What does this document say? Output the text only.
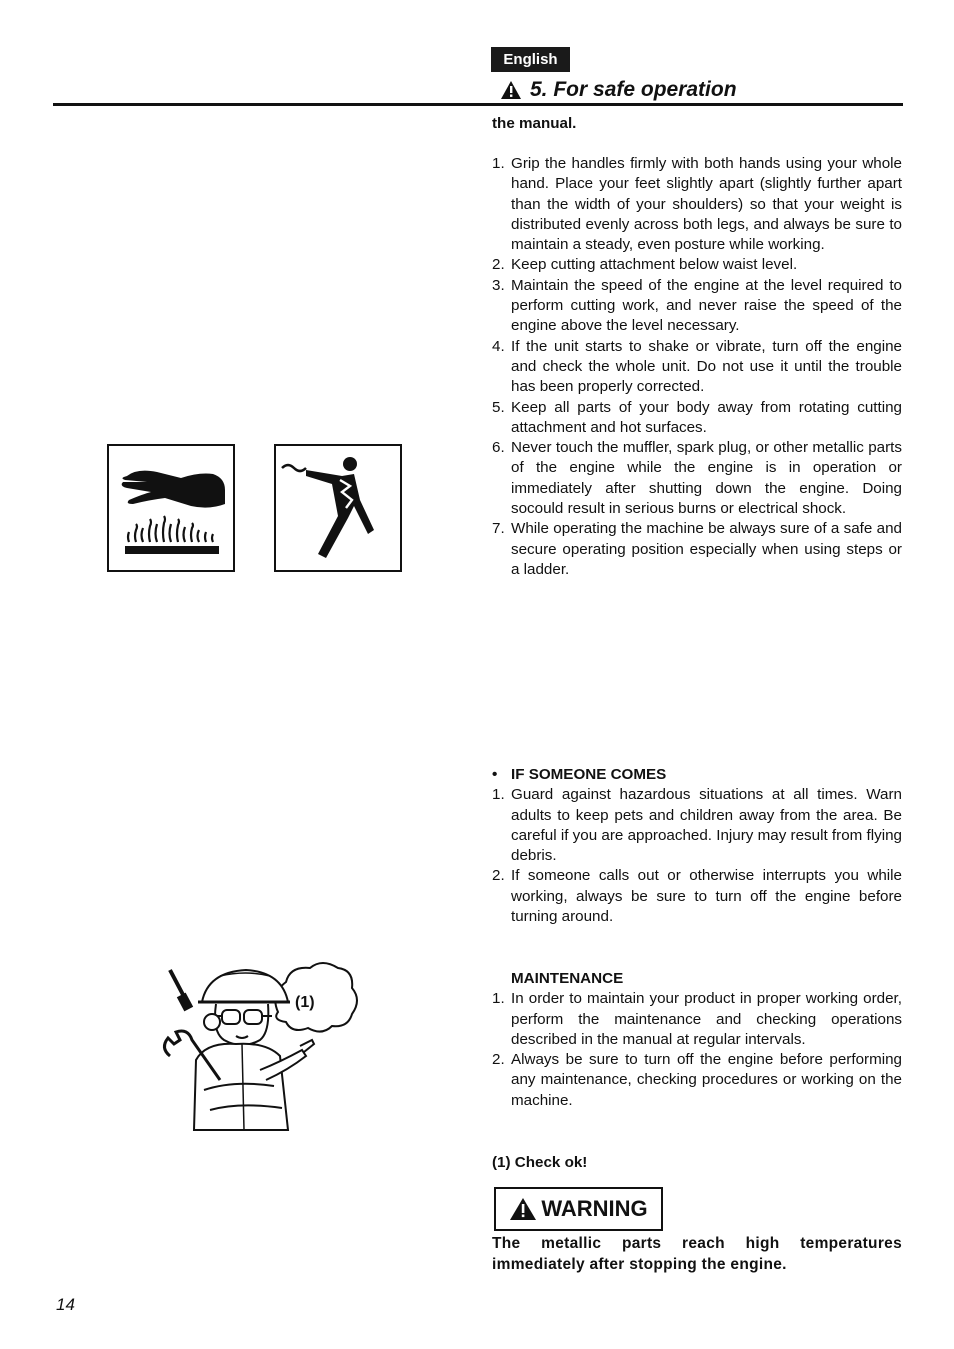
English
5. For safe operation
the manual.
1. Grip the handles firmly with both hands using your whole hand. Place your feet slightly apart (slightly further apart than the width of your shoulders) so that your weight is distributed evenly across both legs, and always be sure to maintain a steady, even posture while working.
2. Keep cutting attachment below waist level.
3. Maintain the speed of the engine at the level required to perform cutting work, and never raise the speed of the engine above the level necessary.
4. If the unit starts to shake or vibrate, turn off the engine and check the whole unit. Do not use it until the trouble has been properly corrected.
5. Keep all parts of your body away from rotating cutting attachment and hot surfaces.
6. Never touch the muffler, spark plug, or other metallic parts of the engine while the engine is in operation or immediately after shutting down the engine. Doing socould result in serious burns or electrical shock.
7. While operating the machine be always sure of a safe and secure operating position especially when using steps or a ladder.
• IF SOMEONE COMES
1. Guard against hazardous situations at all times. Warn adults to keep pets and children away from the area. Be careful if you are approached. Injury may result from flying debris.
2. If someone calls out or otherwise interrupts you while working, always be sure to turn off the engine before turning around.
MAINTENANCE
1. In order to maintain your product in proper working order, perform the maintenance and checking operations described in the manual at regular intervals.
2. Always be sure to turn off the engine before performing any maintenance, checking procedures or working on the machine.
(1)
(1) Check ok!
WARNING
The metallic parts reach high temperatures immediately after stopping the engine.
14
